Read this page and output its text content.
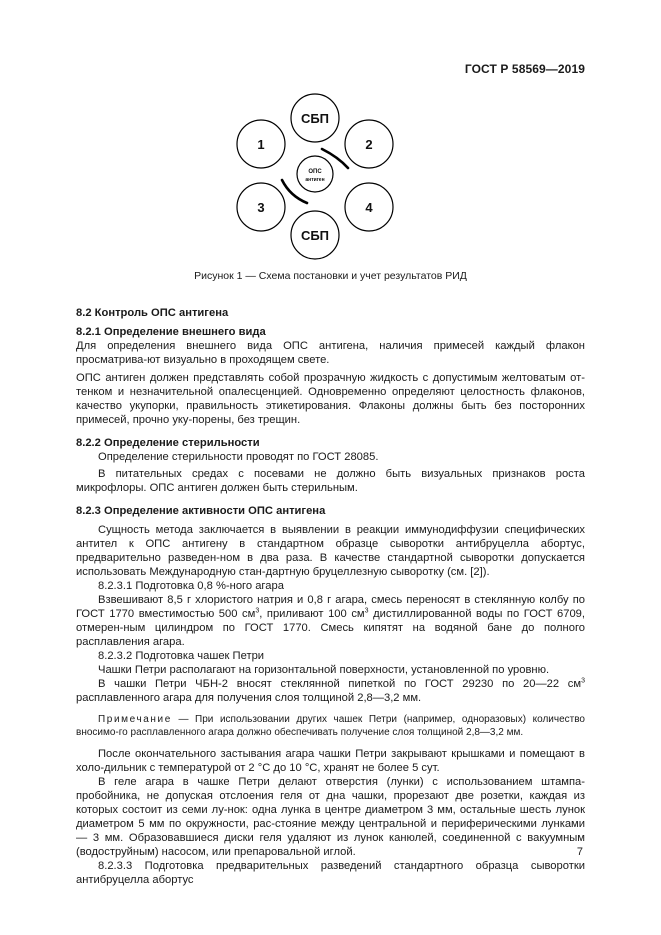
ГОСТ Р 58569—2019
СБП
1	2
3	4
СБП
ОПС
антиген
Рисунок 1 — Схема постановки и учет результатов РИД

8.2 Контроль ОПС антигена

8.2.1 Определение внешнего вида

Для определения внешнего вида ОПС антигена, наличия примесей каждый флакон просматрива-ют визуально в проходящем свете.

ОПС антиген должен представлять собой прозрачную жидкость с допустимым желтоватым от-тенком и незначительной опалесценцией. Одновременно определяют целостность флаконов, качество укупорки, правильность этикетирования. Флаконы должны быть без посторонних примесей, прочно уку-порены, без трещин.

8.2.2 Определение стерильности

Определение стерильности проводят по ГОСТ 28085.

В питательных средах с посевами не должно быть визуальных признаков роста микрофлоры. ОПС антиген должен быть стерильным.

8.2.3 Определение активности ОПС антигена

Сущность метода заключается в выявлении в реакции иммунодиффузии специфических антител к ОПС антигену в стандартном образце сыворотки антибруцелла абортус, предварительно разведен-ном в два раза. В качестве стандартной сыворотки допускается использовать Международную стан-дартную бруцеллезную сыворотку (см. [2]).

8.2.3.1 Подготовка 0,8 %-ного агара

Взвешивают 8,5 г хлористого натрия и 0,8 г агара, смесь переносят в стеклянную колбу по ГОСТ 1770 вместимостью 500 $см^3$, приливают 100 $см^3$ дистиллированной воды по ГОСТ 6709, отмерен-ным цилиндром по ГОСТ 1770. Смесь кипятят на водяной бане до полного расплавления агара.

8.2.3.2 Подготовка чашек Петри

Чашки Петри располагают на горизонтальной поверхности, установленной по уровню.

В чашки Петри ЧБН-2 вносят стеклянной пипеткой по ГОСТ 29230 по 20—22 $см^3$ расплавленного агара для получения слоя толщиной 2,8—3,2 мм.

Примечание — При использовании других чашек Петри (например, одноразовых) количество вносимо-го расплавленного агара должно обеспечивать получение слоя толщиной 2,8—3,2 мм.

После окончательного застывания агара чашки Петри закрывают крышками и помещают в холо-дильник с температурой от 2 °С до 10 °С, хранят не более 5 сут.

В геле агара в чашке Петри делают отверстия (лунки) с использованием штампа-пробойника, не допуская отслоения геля от дна чашки, прорезают две розетки, каждая из которых состоит из семи лу-нок: одна лунка в центре диаметром 3 мм, остальные шесть лунок диаметром 5 мм по окружности, рас-стояние между центральной и периферическими лунками — 3 мм. Образовавшиеся диски геля удаляют из лунок канюлей, соединенной с вакуумным (водоструйным) насосом, или препаровальной иглой.

8.2.3.3 Подготовка предварительных разведений стандартного образца сыворотки антибруцелла абортус

7
